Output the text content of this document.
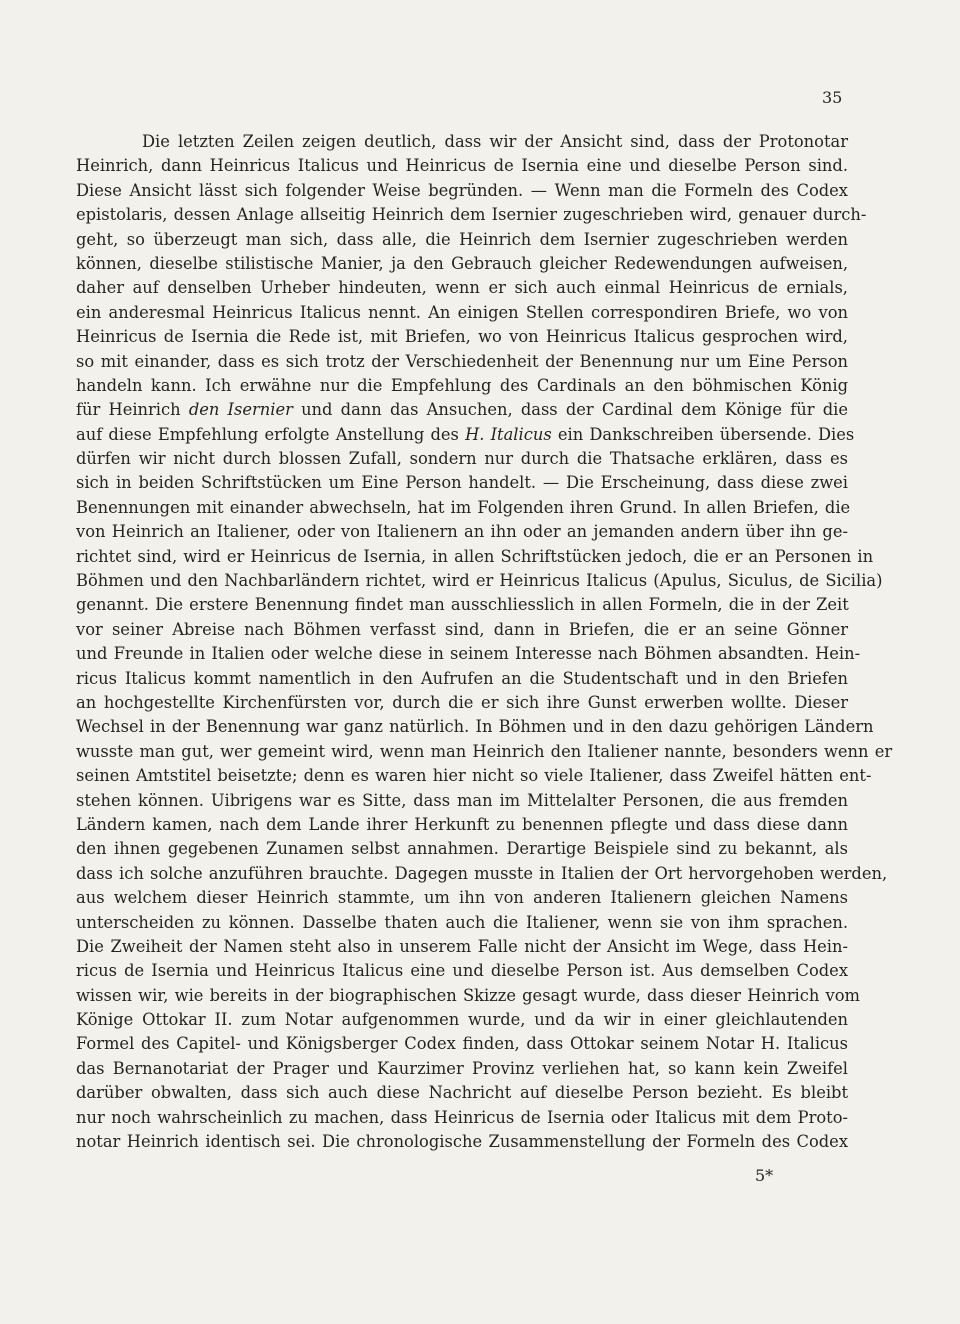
35
Die letzten Zeilen zeigen deutlich, dass wir der Ansicht sind, dass der Protonotar
Heinrich, dann Heinricus Italicus und Heinricus de Isernia eine und dieselbe Person sind.
Diese Ansicht lässt sich folgender Weise begründen. — Wenn man die Formeln des Codex
epistolaris, dessen Anlage allseitig Heinrich dem Isernier zugeschrieben wird, genauer durch-
geht, so überzeugt man sich, dass alle, die Heinrich dem Isernier zugeschrieben werden
können, dieselbe stilistische Manier, ja den Gebrauch gleicher Redewendungen aufweisen,
daher auf denselben Urheber hindeuten, wenn er sich auch einmal Heinricus de ernials,
ein anderesmal Heinricus Italicus nennt. An einigen Stellen correspondiren Briefe, wo von
Heinricus de Isernia die Rede ist, mit Briefen, wo von Heinricus Italicus gesprochen wird,
so mit einander, dass es sich trotz der Verschiedenheit der Benennung nur um Eine Person
handeln kann. Ich erwähne nur die Empfehlung des Cardinals an den böhmischen König
für Heinrich den Isernier und dann das Ansuchen, dass der Cardinal dem Könige für die
auf diese Empfehlung erfolgte Anstellung des H. Italicus ein Dankschreiben übersende. Dies
dürfen wir nicht durch blossen Zufall, sondern nur durch die Thatsache erklären, dass es
sich in beiden Schriftstücken um Eine Person handelt. — Die Erscheinung, dass diese zwei
Benennungen mit einander abwechseln, hat im Folgenden ihren Grund. In allen Briefen, die
von Heinrich an Italiener, oder von Italienern an ihn oder an jemanden andern über ihn ge-
richtet sind, wird er Heinricus de Isernia, in allen Schriftstücken jedoch, die er an Personen in
Böhmen und den Nachbarländern richtet, wird er Heinricus Italicus (Apulus, Siculus, de Sicilia)
genannt. Die erstere Benennung findet man ausschliesslich in allen Formeln, die in der Zeit
vor seiner Abreise nach Böhmen verfasst sind, dann in Briefen, die er an seine Gönner
und Freunde in Italien oder welche diese in seinem Interesse nach Böhmen absandten. Hein-
ricus Italicus kommt namentlich in den Aufrufen an die Studentschaft und in den Briefen
an hochgestellte Kirchenfürsten vor, durch die er sich ihre Gunst erwerben wollte. Dieser
Wechsel in der Benennung war ganz natürlich. In Böhmen und in den dazu gehörigen Ländern
wusste man gut, wer gemeint wird, wenn man Heinrich den Italiener nannte, besonders wenn er
seinen Amtstitel beisetzte; denn es waren hier nicht so viele Italiener, dass Zweifel hätten ent-
stehen können. Uibrigens war es Sitte, dass man im Mittelalter Personen, die aus fremden
Ländern kamen, nach dem Lande ihrer Herkunft zu benennen pflegte und dass diese dann
den ihnen gegebenen Zunamen selbst annahmen. Derartige Beispiele sind zu bekannt, als
dass ich solche anzuführen brauchte. Dagegen musste in Italien der Ort hervorgehoben werden,
aus welchem dieser Heinrich stammte, um ihn von anderen Italienern gleichen Namens
unterscheiden zu können. Dasselbe thaten auch die Italiener, wenn sie von ihm sprachen.
Die Zweiheit der Namen steht also in unserem Falle nicht der Ansicht im Wege, dass Hein-
ricus de Isernia und Heinricus Italicus eine und dieselbe Person ist. Aus demselben Codex
wissen wir, wie bereits in der biographischen Skizze gesagt wurde, dass dieser Heinrich vom
Könige Ottokar II. zum Notar aufgenommen wurde, und da wir in einer gleichlautenden
Formel des Capitel- und Königsberger Codex finden, dass Ottokar seinem Notar H. Italicus
das Bernanotariat der Prager und Kaurzimer Provinz verliehen hat, so kann kein Zweifel
darüber obwalten, dass sich auch diese Nachricht auf dieselbe Person bezieht. Es bleibt
nur noch wahrscheinlich zu machen, dass Heinricus de Isernia oder Italicus mit dem Proto-
notar Heinrich identisch sei. Die chronologische Zusammenstellung der Formeln des Codex
5*
